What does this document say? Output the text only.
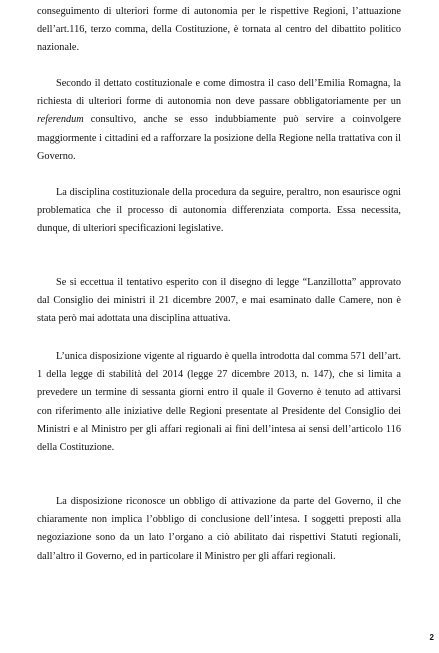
conseguimento di ulteriori forme di autonomia per le rispettive Regioni, l’attuazione dell’art.116, terzo comma, della Costituzione, è tornata al centro del dibattito politico nazionale.

Secondo il dettato costituzionale e come dimostra il caso dell’Emilia Romagna, la richiesta di ulteriori forme di autonomia non deve passare obbligatoriamente per un referendum consultivo, anche se esso indubbiamente può servire a coinvolgere maggiormente i cittadini ed a rafforzare la posizione della Regione nella trattativa con il Governo.

La disciplina costituzionale della procedura da seguire, peraltro, non esaurisce ogni problematica che il processo di autonomia differenziata comporta. Essa necessita, dunque, di ulteriori specificazioni legislative.

Se si eccettua il tentativo esperito con il disegno di legge “Lanzillotta” approvato dal Consiglio dei ministri il 21 dicembre 2007, e mai esaminato dalle Camere, non è stata però mai adottata una disciplina attuativa.

L’unica disposizione vigente al riguardo è quella introdotta dal comma 571 dell’art. 1 della legge di stabilità del 2014 (legge 27 dicembre 2013, n. 147), che si limita a prevedere un termine di sessanta giorni entro il quale il Governo è tenuto ad attivarsi con riferimento alle iniziative delle Regioni presentate al Presidente del Consiglio dei Ministri e al Ministro per gli affari regionali ai fini dell’intesa ai sensi dell’articolo 116 della Costituzione.

La disposizione riconosce un obbligo di attivazione da parte del Governo, il che chiaramente non implica l’obbligo di conclusione dell’intesa. I soggetti preposti alla negoziazione sono da un lato l’organo a ciò abilitato dai rispettivi Statuti regionali, dall’altro il Governo, ed in particolare il Ministro per gli affari regionali.

2
